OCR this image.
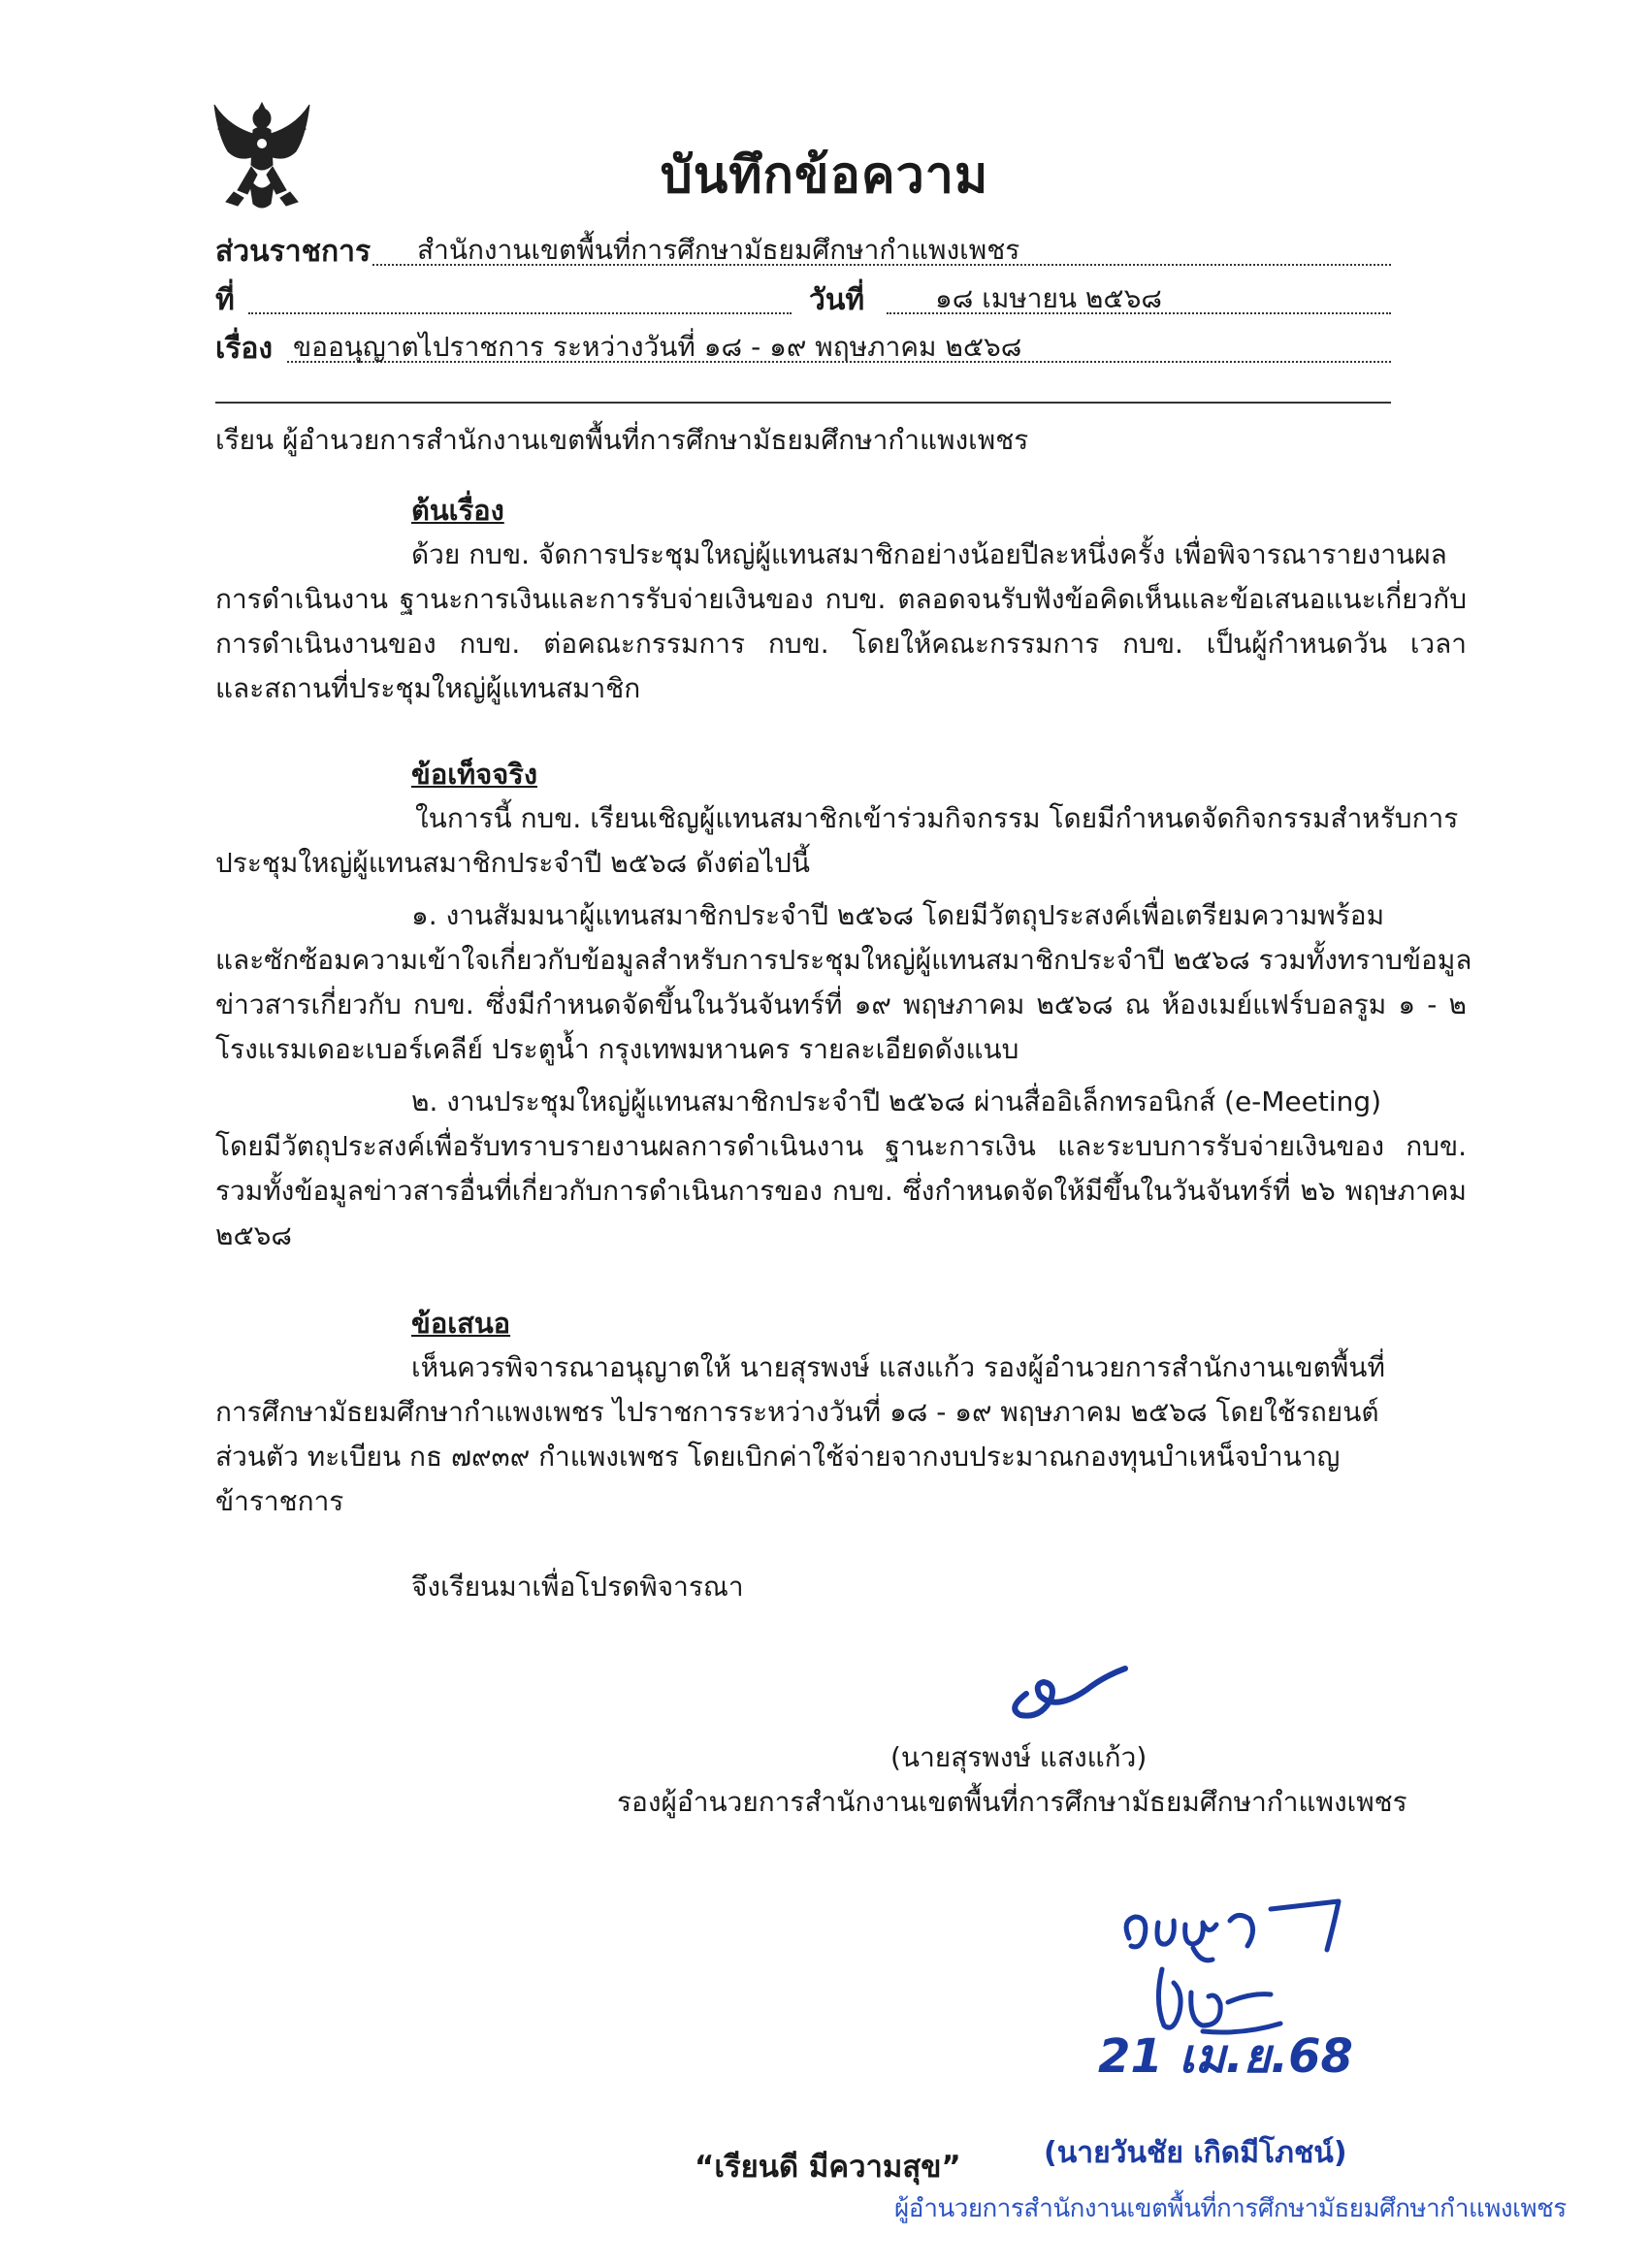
บันทึกข้อความ
ส่วนราชการ สำนักงานเขตพื้นที่การศึกษามัธยมศึกษากำแพงเพชร
ที่	วันที่	๑๘ เมษายน ๒๕๖๘
เรื่อง ขออนุญาตไปราชการ ระหว่างวันที่ ๑๘ - ๑๙ พฤษภาคม ๒๕๖๘
เรียน ผู้อำนวยการสำนักงานเขตพื้นที่การศึกษามัธยมศึกษากำแพงเพชร
ต้นเรื่อง
ด้วย กบข. จัดการประชุมใหญ่ผู้แทนสมาชิกอย่างน้อยปีละหนึ่งครั้ง เพื่อพิจารณารายงานผล
การดำเนินงาน ฐานะการเงินและการรับจ่ายเงินของ กบข. ตลอดจนรับฟังข้อคิดเห็นและข้อเสนอแนะเกี่ยวกับ
การดำเนินงานของ กบข. ต่อคณะกรรมการ กบข. โดยให้คณะกรรมการ กบข. เป็นผู้กำหนดวัน เวลา
และสถานที่ประชุมใหญ่ผู้แทนสมาชิก
ข้อเท็จจริง
ในการนี้ กบข. เรียนเชิญผู้แทนสมาชิกเข้าร่วมกิจกรรม โดยมีกำหนดจัดกิจกรรมสำหรับการ
ประชุมใหญ่ผู้แทนสมาชิกประจำปี ๒๕๖๘ ดังต่อไปนี้
๑. งานสัมมนาผู้แทนสมาชิกประจำปี ๒๕๖๘ โดยมีวัตถุประสงค์เพื่อเตรียมความพร้อม
และซักซ้อมความเข้าใจเกี่ยวกับข้อมูลสำหรับการประชุมใหญ่ผู้แทนสมาชิกประจำปี ๒๕๖๘ รวมทั้งทราบข้อมูล
ข่าวสารเกี่ยวกับ กบข. ซึ่งมีกำหนดจัดขึ้นในวันจันทร์ที่ ๑๙ พฤษภาคม ๒๕๖๘ ณ ห้องเมย์แฟร์บอลรูม ๑ - ๒
โรงแรมเดอะเบอร์เคลีย์ ประตูน้ำ กรุงเทพมหานคร รายละเอียดดังแนบ
๒. งานประชุมใหญ่ผู้แทนสมาชิกประจำปี ๒๕๖๘ ผ่านสื่ออิเล็กทรอนิกส์ (e-Meeting)
โดยมีวัตถุประสงค์เพื่อรับทราบรายงานผลการดำเนินงาน ฐานะการเงิน และระบบการรับจ่ายเงินของ กบข.
รวมทั้งข้อมูลข่าวสารอื่นที่เกี่ยวกับการดำเนินการของ กบข. ซึ่งกำหนดจัดให้มีขึ้นในวันจันทร์ที่ ๒๖ พฤษภาคม
๒๕๖๘
ข้อเสนอ
เห็นควรพิจารณาอนุญาตให้ นายสุรพงษ์ แสงแก้ว รองผู้อำนวยการสำนักงานเขตพื้นที่
การศึกษามัธยมศึกษากำแพงเพชร ไปราชการระหว่างวันที่ ๑๘ - ๑๙ พฤษภาคม ๒๕๖๘ โดยใช้รถยนต์
ส่วนตัว ทะเบียน กธ ๗๙๓๙ กำแพงเพชร โดยเบิกค่าใช้จ่ายจากงบประมาณกองทุนบำเหน็จบำนาญ
ข้าราชการ
จึงเรียนมาเพื่อโปรดพิจารณา
(นายสุรพงษ์ แสงแก้ว)
รองผู้อำนวยการสำนักงานเขตพื้นที่การศึกษามัธยมศึกษากำแพงเพชร
21 เม.ย.68
“เรียนดี มีความสุข”	(นายวันชัย เกิดมีโภชน์)
ผู้อำนวยการสำนักงานเขตพื้นที่การศึกษามัธยมศึกษากำแพงเพชร
